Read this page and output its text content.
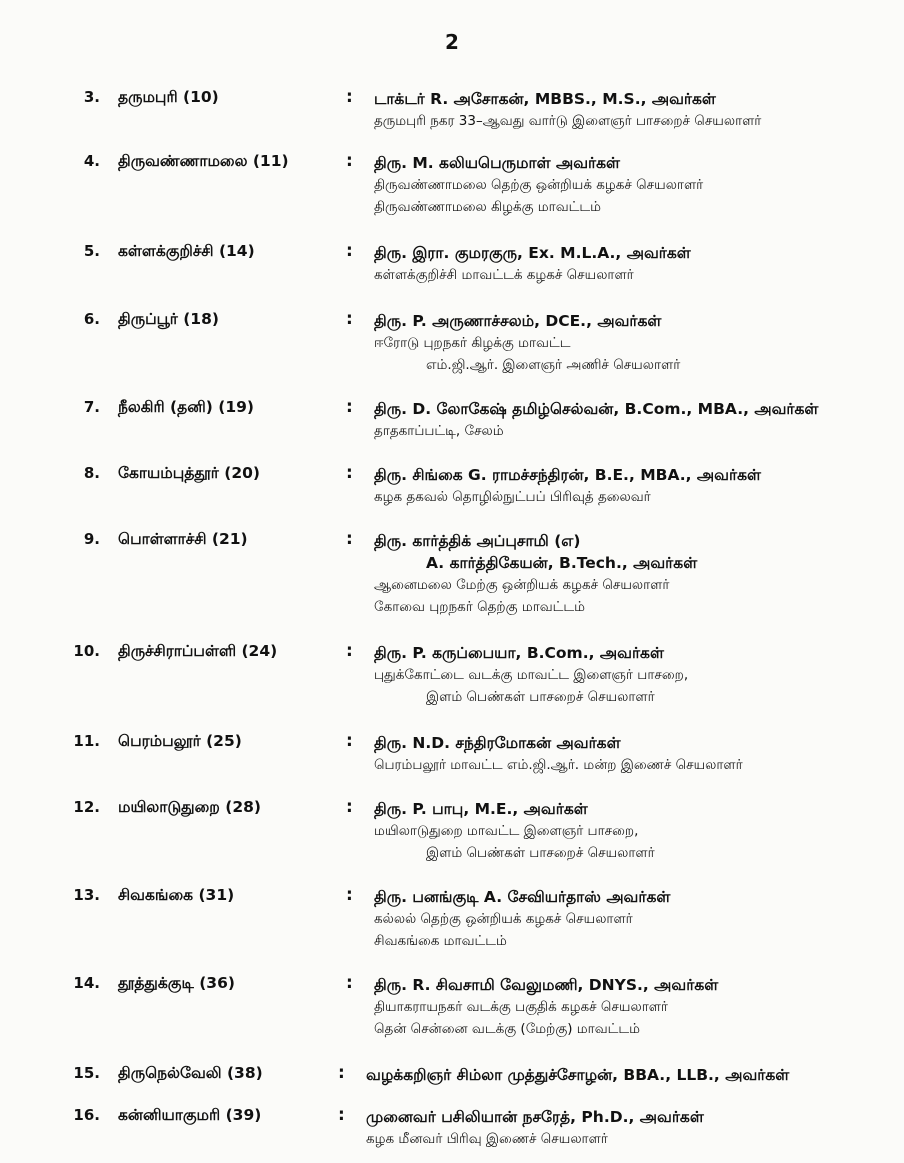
2
3. தருமபுரி (10)	: டாக்டர் R. அசோகன், MBBS., M.S., அவர்கள்
தருமபுரி நகர 33–ஆவது வார்டு இளைஞர் பாசறைச் செயலாளர்
4. திருவண்ணாமலை (11)	: திரு. M. கலியபெருமாள் அவர்கள்
திருவண்ணாமலை தெற்கு ஒன்றியக் கழகச் செயலாளர்
திருவண்ணாமலை கிழக்கு மாவட்டம்
5. கள்ளக்குறிச்சி (14)	: திரு. இரா. குமரகுரு, Ex. M.L.A., அவர்கள்
கள்ளக்குறிச்சி மாவட்டக் கழகச் செயலாளர்
6. திருப்பூர் (18)	: திரு. P. அருணாச்சலம், DCE., அவர்கள்
ஈரோடு புறநகர் கிழக்கு மாவட்ட
எம்.ஜி.ஆர். இளைஞர் அணிச் செயலாளர்
7. நீலகிரி (தனி) (19)	: திரு. D. லோகேஷ் தமிழ்செல்வன், B.Com., MBA., அவர்கள்
தாதகாப்பட்டி, சேலம்
8. கோயம்புத்தூர் (20)	: திரு. சிங்கை G. ராமச்சந்திரன், B.E., MBA., அவர்கள்
கழக தகவல் தொழில்நுட்பப் பிரிவுத் தலைவர்
9. பொள்ளாச்சி (21)	: திரு. கார்த்திக் அப்புசாமி (எ)
A. கார்த்திகேயன், B.Tech., அவர்கள்
ஆனைமலை மேற்கு ஒன்றியக் கழகச் செயலாளர்
கோவை புறநகர் தெற்கு மாவட்டம்
10. திருச்சிராப்பள்ளி (24)	: திரு. P. கருப்பையா, B.Com., அவர்கள்
புதுக்கோட்டை வடக்கு மாவட்ட இளைஞர் பாசறை,
இளம் பெண்கள் பாசறைச் செயலாளர்
11. பெரம்பலூர் (25)	: திரு. N.D. சந்திரமோகன் அவர்கள்
பெரம்பலூர் மாவட்ட எம்.ஜி.ஆர். மன்ற இணைச் செயலாளர்
12. மயிலாடுதுறை (28)	: திரு. P. பாபு, M.E., அவர்கள்
மயிலாடுதுறை மாவட்ட இளைஞர் பாசறை,
இளம் பெண்கள் பாசறைச் செயலாளர்
13. சிவகங்கை (31)	: திரு. பனங்குடி A. சேவியர்தாஸ் அவர்கள்
கல்லல் தெற்கு ஒன்றியக் கழகச் செயலாளர்
சிவகங்கை மாவட்டம்
14. தூத்துக்குடி (36)	: திரு. R. சிவசாமி வேலுமணி, DNYS., அவர்கள்
தியாகராயநகர் வடக்கு பகுதிக் கழகச் செயலாளர்
தென் சென்னை வடக்கு (மேற்கு) மாவட்டம்
15. திருநெல்வேலி (38)	: வழக்கறிஞர் சிம்லா முத்துச்சோழன், BBA., LLB., அவர்கள்
16. கன்னியாகுமரி (39)	: முனைவர் பசிலியான் நசரேத், Ph.D., அவர்கள்
கழக மீனவர் பிரிவு இணைச் செயலாளர்
